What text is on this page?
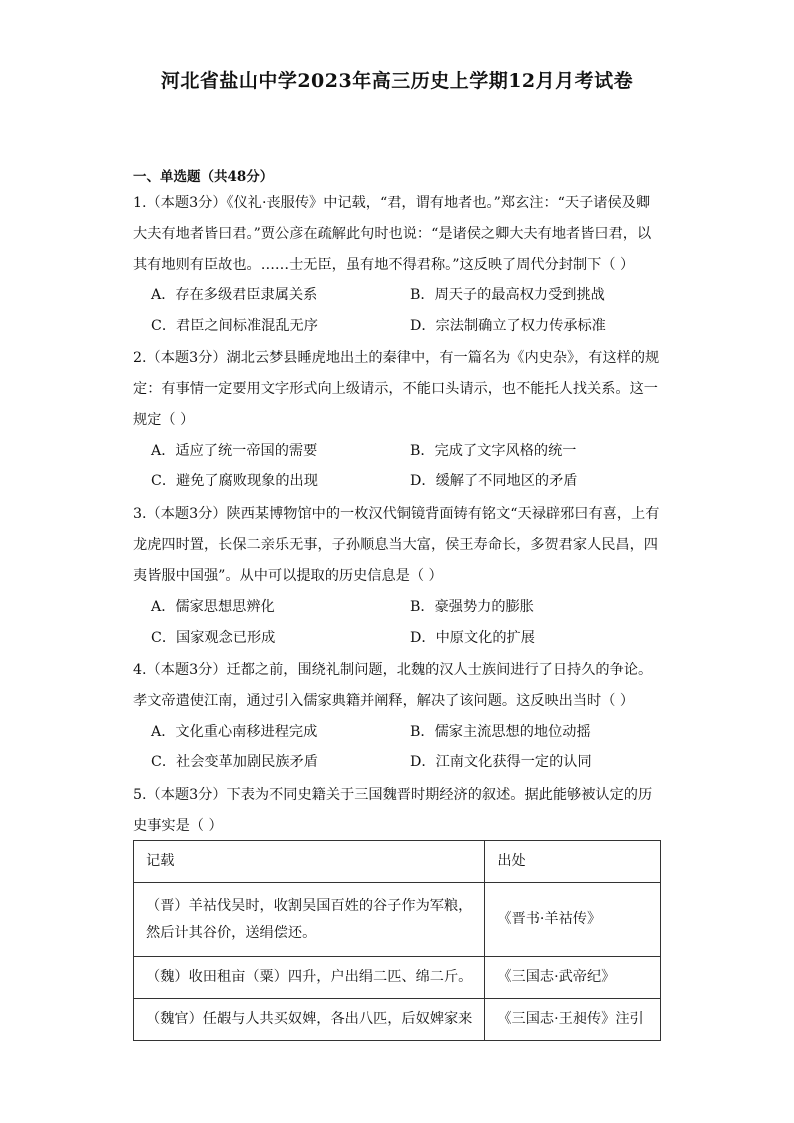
河北省盐山中学2023年高三历史上学期12月月考试卷
一、单选题（共48分）
1.（本题3分）《仪礼·丧服传》中记载，“君，谓有地者也。”郑玄注：“天子诸侯及卿
大夫有地者皆曰君。”贾公彦在疏解此句时也说：“是诸侯之卿大夫有地者皆曰君，以
其有地则有臣故也。……士无臣，虽有地不得君称。”这反映了周代分封制下（ ）
A．存在多级君臣隶属关系	B．周天子的最高权力受到挑战
C．君臣之间标准混乱无序	D．宗法制确立了权力传承标准
2.（本题3分）湖北云梦县睡虎地出土的秦律中，有一篇名为《内史杂》，有这样的规
定：有事情一定要用文字形式向上级请示，不能口头请示，也不能托人找关系。这一
规定（ ）
A．适应了统一帝国的需要	B．完成了文字风格的统一
C．避免了腐败现象的出现	D．缓解了不同地区的矛盾
3.（本题3分）陕西某博物馆中的一枚汉代铜镜背面铸有铭文“天禄辟邪曰有喜，上有
龙虎四时置，长保二亲乐无事，子孙顺息当大富，侯王寿命长，多贺君家人民昌，四
夷皆服中国强”。从中可以提取的历史信息是（ ）
A．儒家思想思辨化	B．豪强势力的膨胀
C．国家观念已形成	D．中原文化的扩展
4.（本题3分）迁都之前，围绕礼制问题，北魏的汉人士族间进行了日持久的争论。
孝文帝遣使江南，通过引入儒家典籍并阐释，解决了该问题。这反映出当时（ ）
A．文化重心南移进程完成	B．儒家主流思想的地位动摇
C．社会变革加剧民族矛盾	D．江南文化获得一定的认同
5.（本题3分）下表为不同史籍关于三国魏晋时期经济的叙述。据此能够被认定的历
史事实是（ ）
记载	出处
（晋）羊祜伐吴时，收割吴国百姓的谷子作为军粮，然后计其谷价，送绢偿还。	《晋书·羊祜传》
（魏）收田租亩（粟）四升，户出绢二匹、绵二斤。	《三国志·武帝纪》
（魏官）任嘏与人共买奴婢，各出八匹，后奴婢家来	《三国志·王昶传》注引
